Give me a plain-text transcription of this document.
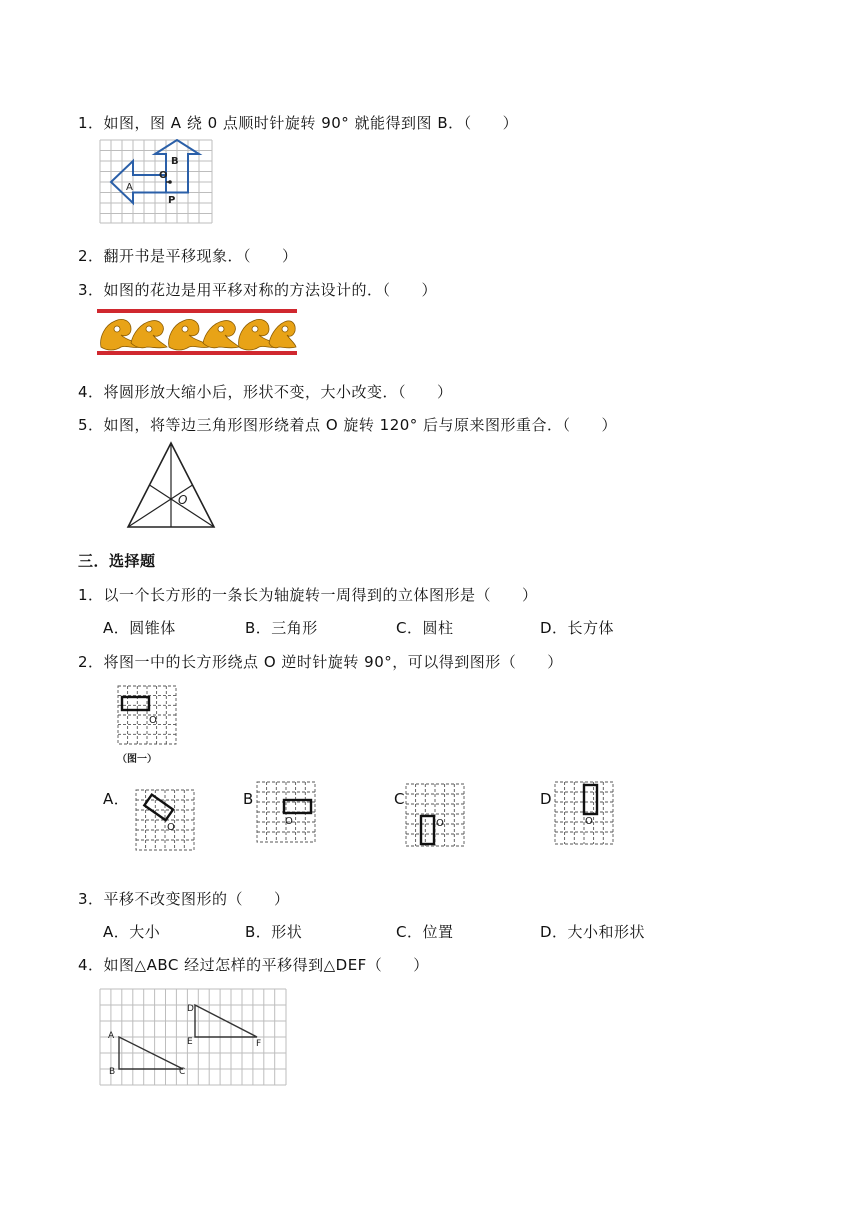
1．如图，图 A 绕 0 点顺时针旋转 90° 就能得到图 B．（　　）
A
B
O
P
2．翻开书是平移现象．（　　）
3．如图的花边是用平移对称的方法设计的．（　　）
4．将圆形放大缩小后，形状不变，大小改变．（　　）
5．如图，将等边三角形图形绕着点 O 旋转 120° 后与原来图形重合．（　　）
O
三．选择题
1．以一个长方形的一条长为轴旋转一周得到的立体图形是（　　）
A．圆锥体	B．三角形	C．圆柱	D．长方体
2．将图一中的长方形绕点 O 逆时针旋转 90°，可以得到图形（　　）
O
（图一）
A．
O
B
O
C
O
D
O
3．平移不改变图形的（　　）
A．大小	B．形状	C．位置	D．大小和形状
4．如图△ABC 经过怎样的平移得到△DEF（　　）
A
B	C
D
E	F
